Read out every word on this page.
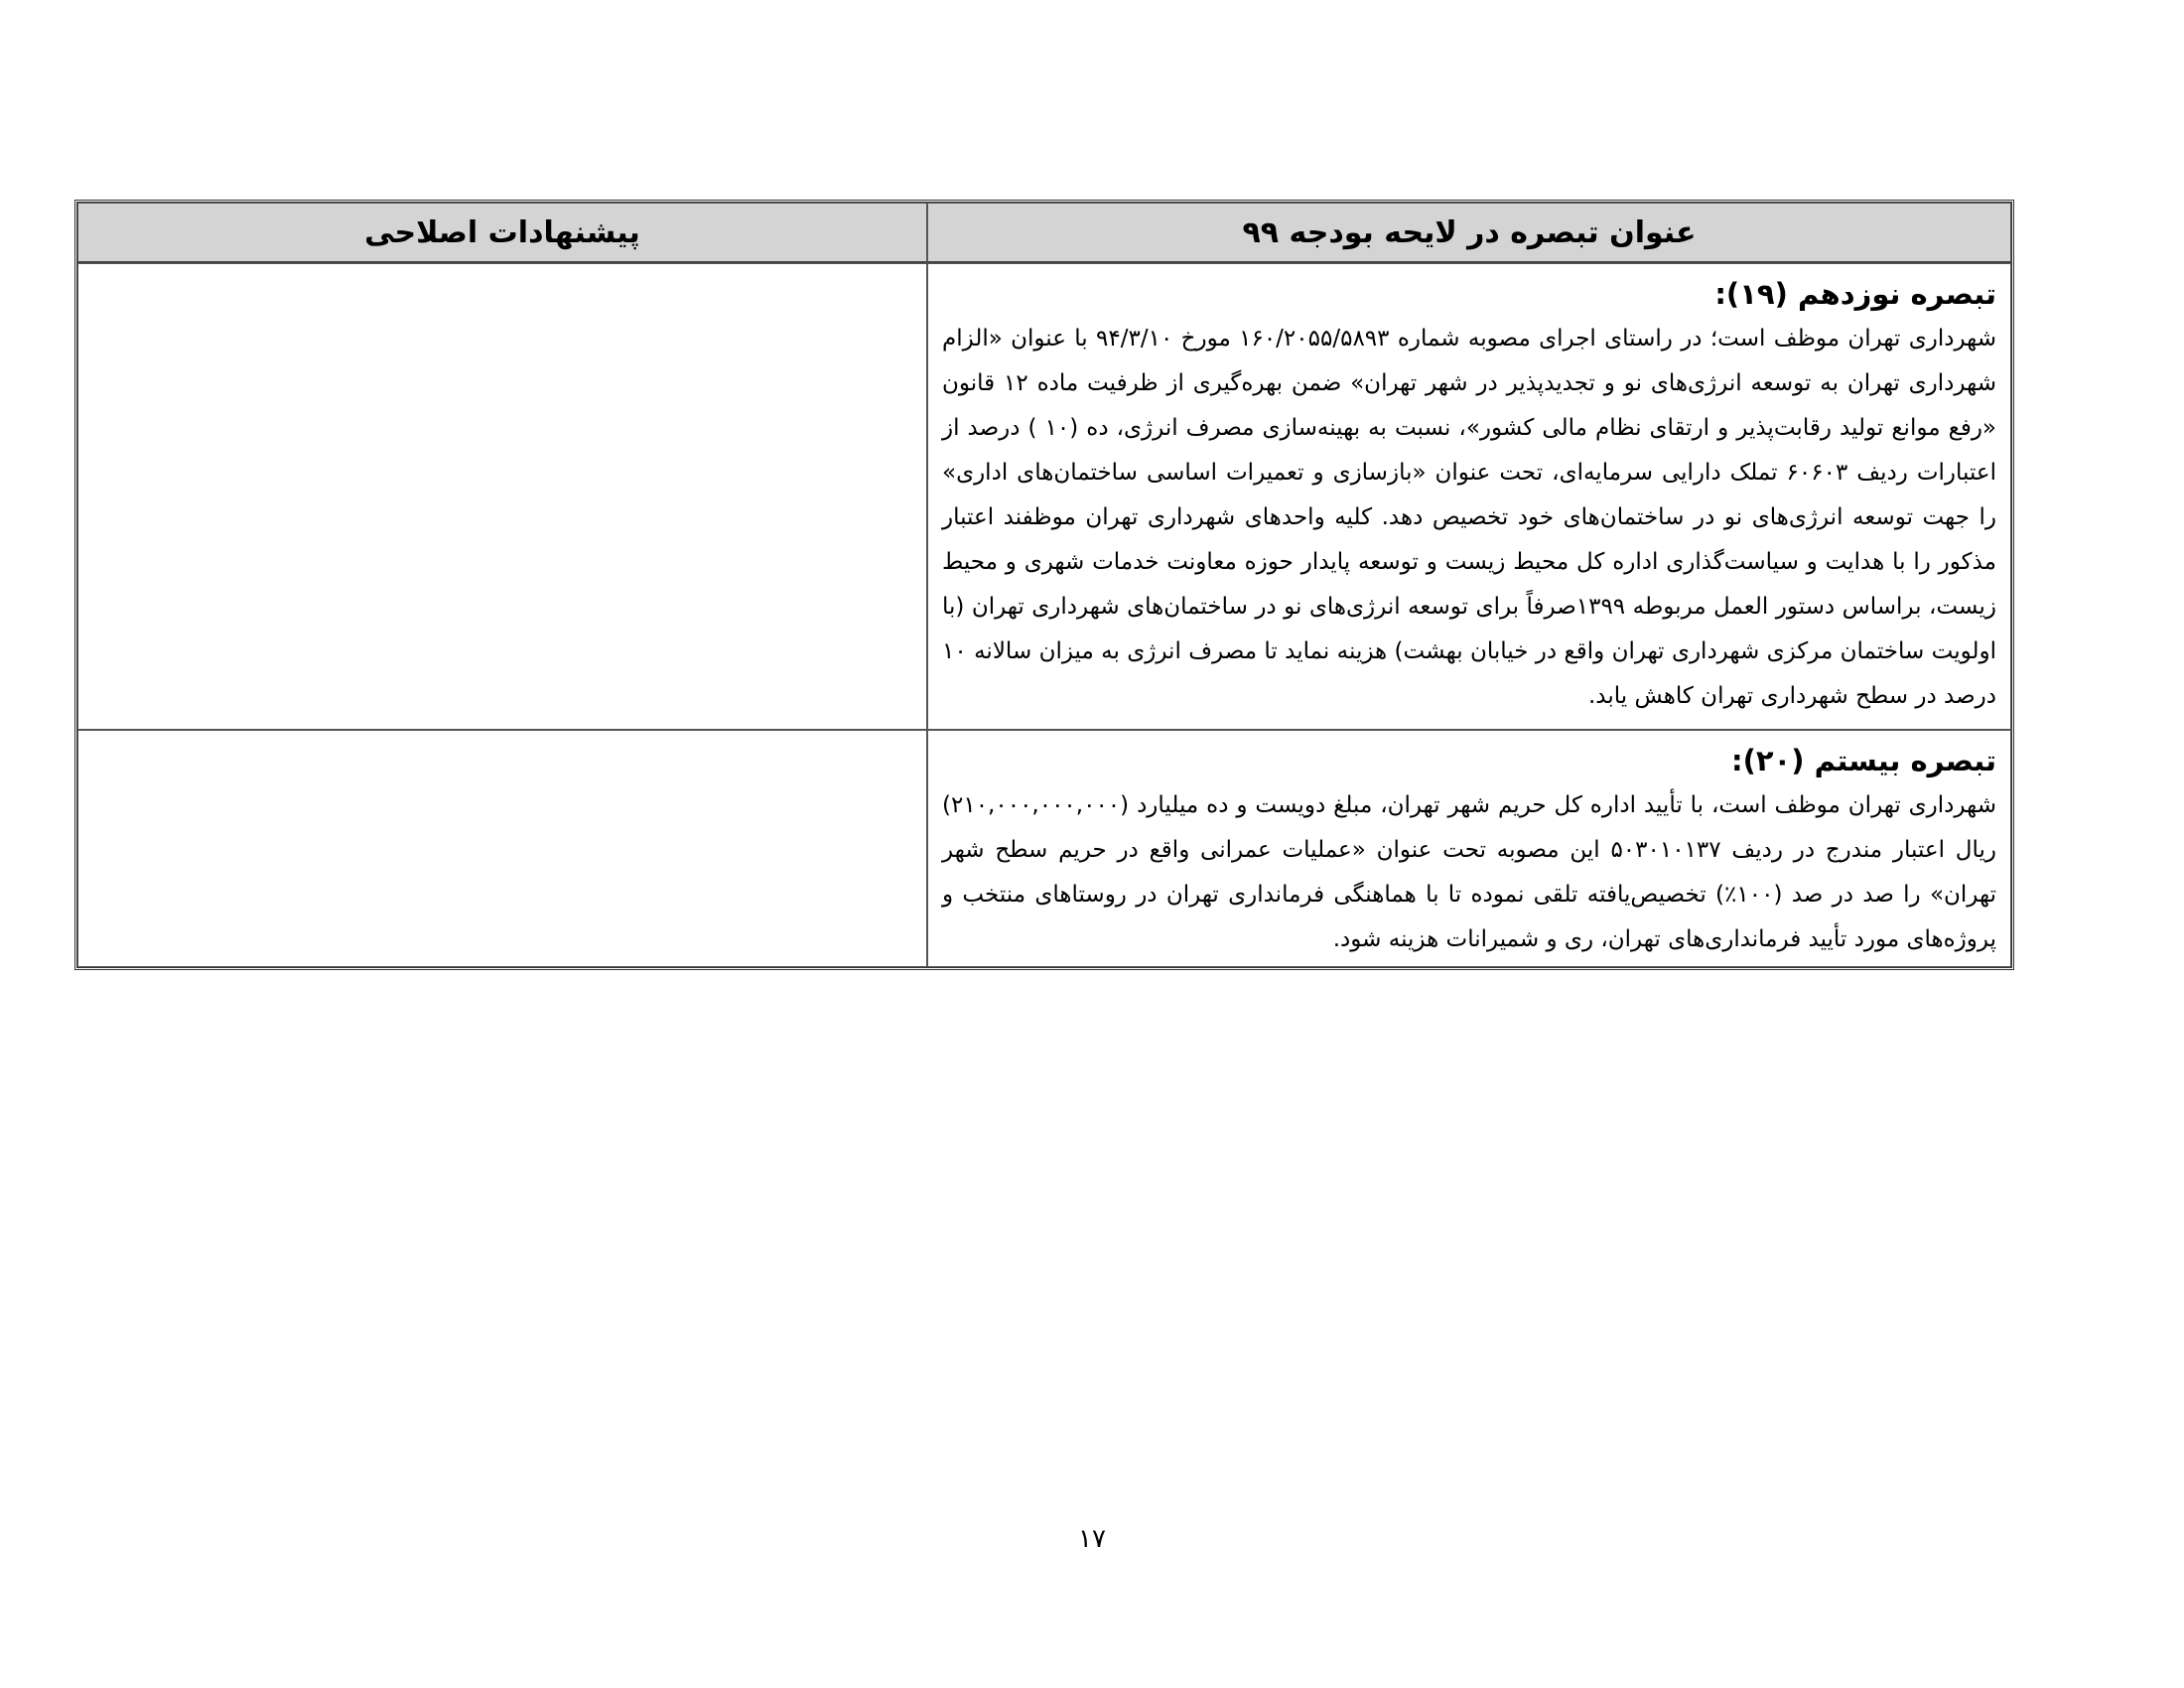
عنوان تبصره در لایحه بودجه ۹۹	پیشنهادات اصلاحی

تبصره نوزدهم (۱۹):

شهرداری تهران موظف است؛ در راستای اجرای مصوبه شماره ۱۶۰/۲۰۵۵/۵۸۹۳ مورخ ۹۴/۳/۱۰ با عنوان «الزام شهرداری تهران به توسعه انرژی‌های نو و تجدیدپذیر در شهر تهران» ضمن بهره‌گیری از ظرفیت ماده ۱۲ قانون «رفع موانع تولید رقابت‌پذیر و ارتقای نظام مالی کشور»، نسبت به بهینه‌سازی مصرف انرژی، ده (۱۰ ) درصد از اعتبارات ردیف ۶۰۶۰۳ تملک دارایی سرمایه‌ای، تحت عنوان «بازسازی و تعمیرات اساسی ساختمان‌های اداری» را جهت توسعه انرژی‌های نو در ساختمان‌های خود تخصیص دهد. کلیه واحدهای شهرداری تهران موظفند اعتبار مذکور را با هدایت و سیاست‌گذاری اداره کل محیط زیست و توسعه پایدار حوزه معاونت خدمات شهری و محیط زیست، براساس دستور العمل مربوطه ۱۳۹۹صرفاً برای توسعه انرژی‌های نو در ساختمان‌های شهرداری تهران (با اولویت ساختمان مرکزی شهرداری تهران واقع در خیابان بهشت) هزینه نماید تا مصرف انرژی به میزان سالانه ۱۰ درصد در سطح شهرداری تهران کاهش یابد.	

تبصره بیستم (۲۰):

شهرداری تهران موظف است، با تأیید اداره کل حریم شهر تهران، مبلغ دویست و ده میلیارد (۲۱۰,۰۰۰,۰۰۰,۰۰۰) ریال اعتبار مندرج در ردیف ۵۰۳۰۱۰۱۳۷ این مصوبه تحت عنوان «عملیات عمرانی واقع در حریم سطح شهر تهران» را صد در صد (۱۰۰٪) تخصیص‌یافته تلقی نموده تا با هماهنگی فرمانداری تهران در روستاهای منتخب و پروژه‌های مورد تأیید فرمانداری‌های تهران، ری و شمیرانات هزینه شود.	

۱۷
